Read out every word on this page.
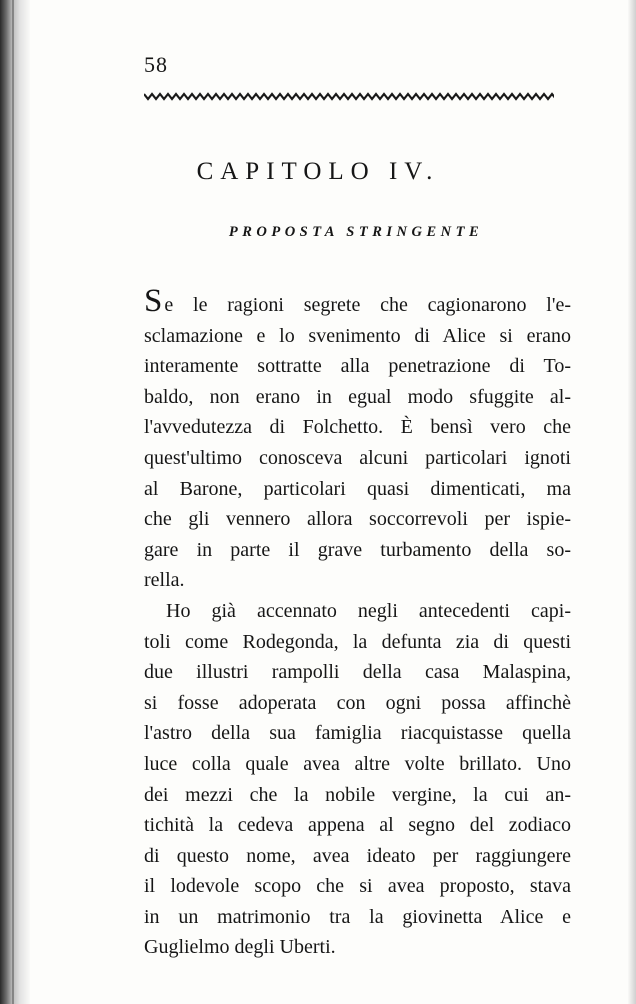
58
CAPITOLO IV.
PROPOSTA STRINGENTE
Se le ragioni segrete che cagionarono l'e-
sclamazione e lo svenimento di Alice si erano
interamente sottratte alla penetrazione di To-
baldo, non erano in egual modo sfuggite al-
l'avvedutezza di Folchetto. È bensì vero che
quest'ultimo conosceva alcuni particolari ignoti
al Barone, particolari quasi dimenticati, ma
che gli vennero allora soccorrevoli per ispie-
gare in parte il grave turbamento della so-
rella.
Ho già accennato negli antecedenti capi-
toli come Rodegonda, la defunta zia di questi
due illustri rampolli della casa Malaspina,
si fosse adoperata con ogni possa affinchè
l'astro della sua famiglia riacquistasse quella
luce colla quale avea altre volte brillato. Uno
dei mezzi che la nobile vergine, la cui an-
tichità la cedeva appena al segno del zodiaco
di questo nome, avea ideato per raggiungere
il lodevole scopo che si avea proposto, stava
in un matrimonio tra la giovinetta Alice e
Guglielmo degli Uberti.
